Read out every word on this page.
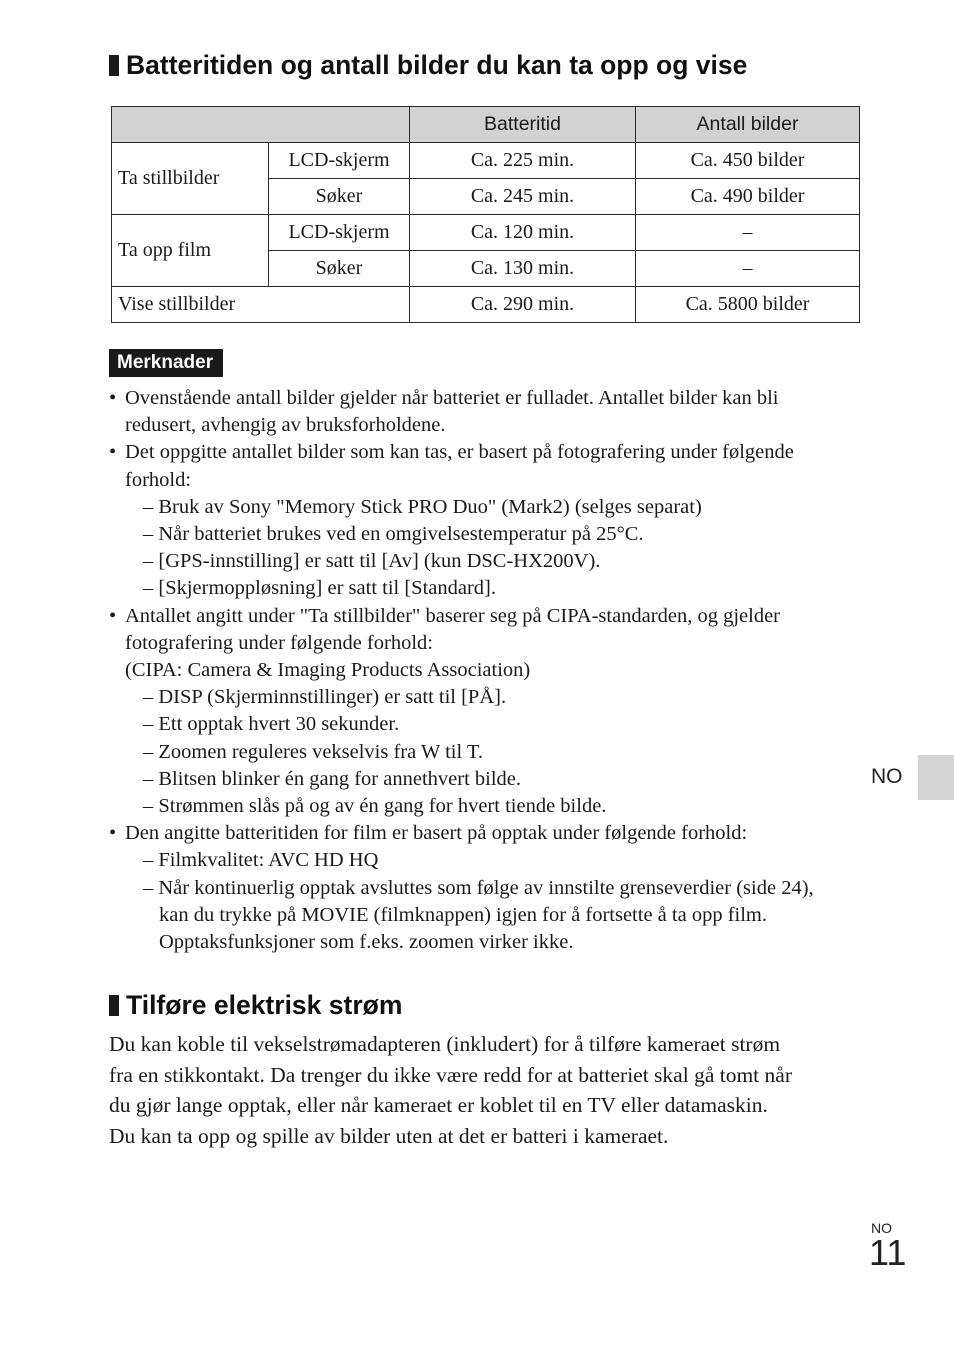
Batteritiden og antall bilder du kan ta opp og vise
		Batteritid	Antall bilder
Ta stillbilder	LCD-skjerm	Ca. 225 min.	Ca. 450 bilder
	Søker	Ca. 245 min.	Ca. 490 bilder
Ta opp film	LCD-skjerm	Ca. 120 min.	–
	Søker	Ca. 130 min.	–
Vise stillbilder		Ca. 290 min.	Ca. 5800 bilder
Merknader
• Ovenstående antall bilder gjelder når batteriet er fulladet. Antallet bilder kan bli
redusert, avhengig av bruksforholdene.
• Det oppgitte antallet bilder som kan tas, er basert på fotografering under følgende
forhold:
– Bruk av Sony "Memory Stick PRO Duo" (Mark2) (selges separat)
– Når batteriet brukes ved en omgivelsestemperatur på 25°C.
– [GPS-innstilling] er satt til [Av] (kun DSC-HX200V).
– [Skjermoppløsning] er satt til [Standard].
• Antallet angitt under "Ta stillbilder" baserer seg på CIPA-standarden, og gjelder
fotografering under følgende forhold:
(CIPA: Camera & Imaging Products Association)
– DISP (Skjerminnstillinger) er satt til [PÅ].
– Ett opptak hvert 30 sekunder.
– Zoomen reguleres vekselvis fra W til T.
– Blitsen blinker én gang for annethvert bilde.
– Strømmen slås på og av én gang for hvert tiende bilde.
• Den angitte batteritiden for film er basert på opptak under følgende forhold:
– Filmkvalitet: AVC HD HQ
– Når kontinuerlig opptak avsluttes som følge av innstilte grenseverdier (side 24),
kan du trykke på MOVIE (filmknappen) igjen for å fortsette å ta opp film.
Opptaksfunksjoner som f.eks. zoomen virker ikke.
Tilføre elektrisk strøm
Du kan koble til vekselstrømadapteren (inkludert) for å tilføre kameraet strøm
fra en stikkontakt. Da trenger du ikke være redd for at batteriet skal gå tomt når
du gjør lange opptak, eller når kameraet er koblet til en TV eller datamaskin.
Du kan ta opp og spille av bilder uten at det er batteri i kameraet.
NO
NO
11
